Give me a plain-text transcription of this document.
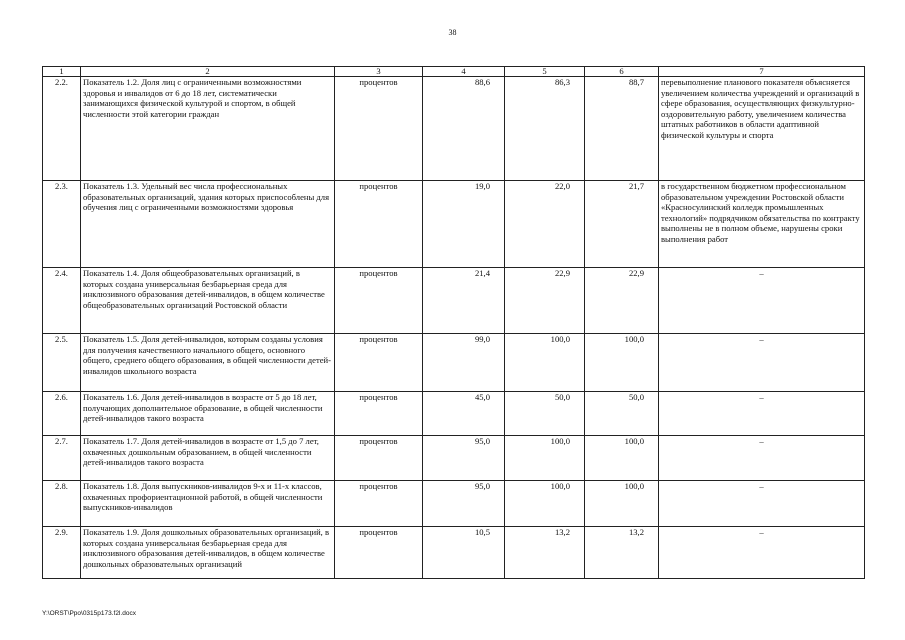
38
1	2	3	4	5	6	7
2.2.	Показатель 1.2. Доля лиц с ограниченными возможностями здоровья и инвалидов от 6 до 18 лет, систематически занимающихся физической культурой и спортом, в общей численности этой категории граждан	процентов	88,6	86,3	88,7	перевыполнение планового показателя объясняется увеличением количества учреждений и организаций в сфере образования, осуществляющих физкультурно-оздоровительную работу, увеличением количества штатных работников в области адаптивной физической культуры и спорта
2.3.	Показатель 1.3. Удельный вес числа профессиональных образовательных организаций, здания которых приспособлены для обучения лиц с ограниченными возможностями здоровья	процентов	19,0	22,0	21,7	в государственном бюджетном профессиональном образовательном учреждении Ростовской области «Красносулинский колледж промышленных технологий» подрядчиком обязательства по контракту выполнены не в полном объеме, нарушены сроки выполнения работ
2.4.	Показатель 1.4. Доля общеобразовательных организаций, в которых создана универсальная безбарьерная среда для инклюзивного образования детей-инвалидов, в общем количестве общеобразовательных организаций Ростовской области	процентов	21,4	22,9	22,9	–
2.5.	Показатель 1.5. Доля детей-инвалидов, которым созданы условия для получения качественного начального общего, основного общего, среднего общего образования, в общей численности детей-инвалидов школьного возраста	процентов	99,0	100,0	100,0	–
2.6.	Показатель 1.6. Доля детей-инвалидов в возрасте от 5 до 18 лет, получающих дополнительное образование, в общей численности детей-инвалидов такого возраста	процентов	45,0	50,0	50,0	–
2.7.	Показатель 1.7. Доля детей-инвалидов в возрасте от 1,5 до 7 лет, охваченных дошкольным образованием, в общей численности детей-инвалидов такого возраста	процентов	95,0	100,0	100,0	–
2.8.	Показатель 1.8. Доля выпускников-инвалидов 9-х и 11-х классов, охваченных профориентационной работой, в общей численности выпускников-инвалидов	процентов	95,0	100,0	100,0	–
2.9.	Показатель 1.9. Доля дошкольных образовательных организаций, в которых создана универсальная безбарьерная среда для инклюзивного образования детей-инвалидов, в общем количестве дошкольных образовательных организаций	процентов	10,5	13,2	13,2	–
Y:\ORST\Ppo\0315p173.f2l.docx
